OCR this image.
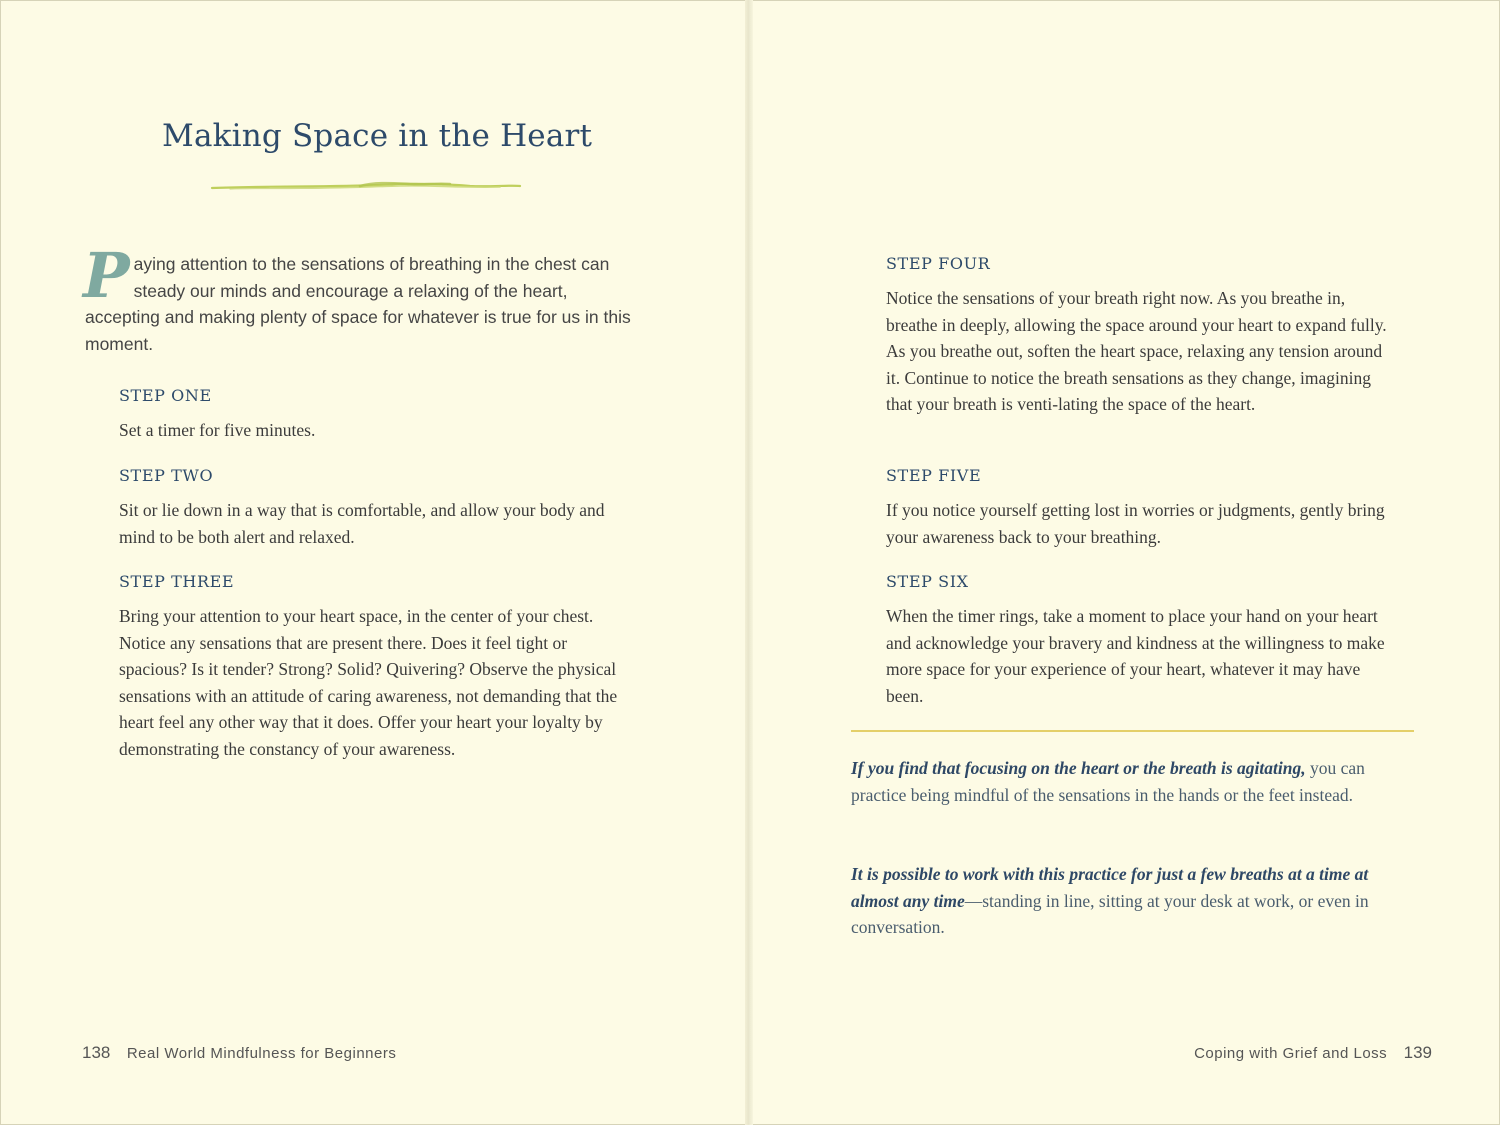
Making Space in the Heart

Paying attention to the sensations of breathing in the chest can steady our minds and encourage a relaxing of the heart, accepting and making plenty of space for whatever is true for us in this moment.

STEP ONE

Set a timer for five minutes.

STEP TWO

Sit or lie down in a way that is comfortable, and allow your body and mind to be both alert and relaxed.

STEP THREE

Bring your attention to your heart space, in the center of your chest. Notice any sensations that are present there. Does it feel tight or spacious? Is it tender? Strong? Solid? Quivering? Observe the physical sensations with an attitude of caring awareness, not demanding that the heart feel any other way that it does. Offer your heart your loyalty by demonstrating the constancy of your awareness.

138 Real World Mindfulness for Beginners
STEP FOUR

Notice the sensations of your breath right now. As you breathe in, breathe in deeply, allowing the space around your heart to expand fully. As you breathe out, soften the heart space, relaxing any tension around it. Continue to notice the breath sensations as they change, imagining that your breath is venti-lating the space of the heart.

STEP FIVE

If you notice yourself getting lost in worries or judgments, gently bring your awareness back to your breathing.

STEP SIX

When the timer rings, take a moment to place your hand on your heart and acknowledge your bravery and kindness at the willingness to make more space for your experience of your heart, whatever it may have been.

If you find that focusing on the heart or the breath is agitating, you can practice being mindful of the sensations in the hands or the feet instead.

It is possible to work with this practice for just a few breaths at a time at almost any time—standing in line, sitting at your desk at work, or even in conversation.

Coping with Grief and Loss 139
